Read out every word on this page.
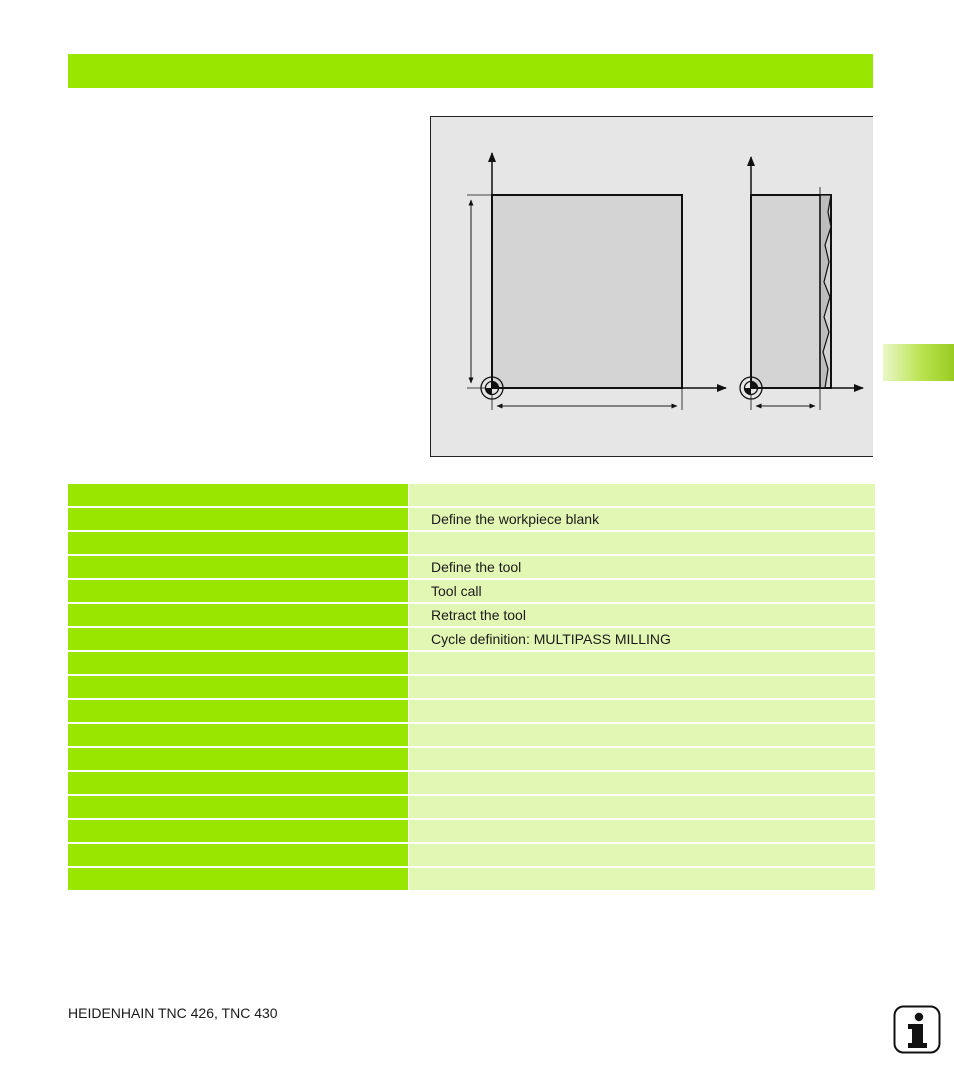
Define the workpiece blank
Define the tool
Tool call
Retract the tool
Cycle definition: MULTIPASS MILLING
HEIDENHAIN TNC 426, TNC 430
